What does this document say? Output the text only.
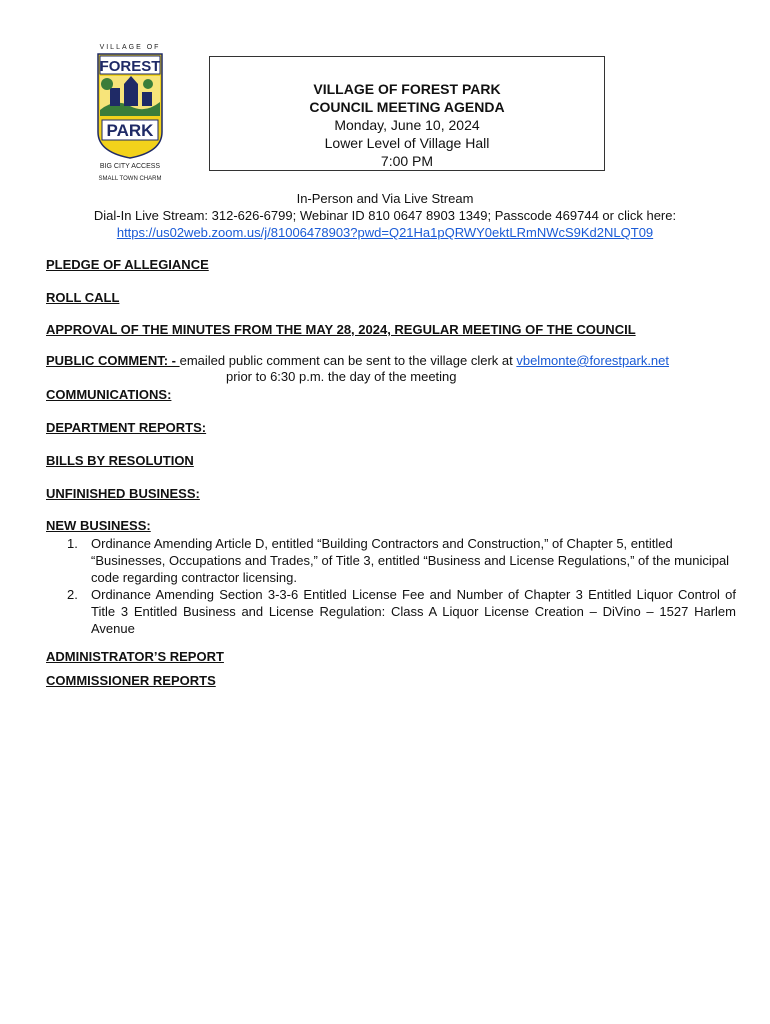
VILLAGE OF
FOREST
PARK
BIG CITY ACCESS
SMALL TOWN CHARM
VILLAGE OF FOREST PARK
COUNCIL MEETING AGENDA
Monday, June 10, 2024
Lower Level of Village Hall
7:00 PM
In-Person and Via Live Stream
Dial-In Live Stream: 312-626-6799; Webinar ID 810 0647 8903 1349; Passcode 469744 or click here:
https://us02web.zoom.us/j/81006478903?pwd=Q21Ha1pQRWY0ektLRmNWcS9Kd2NLQT09
PLEDGE OF ALLEGIANCE
ROLL CALL
APPROVAL OF THE MINUTES FROM THE MAY 28, 2024, REGULAR MEETING OF THE COUNCIL
PUBLIC COMMENT: - emailed public comment can be sent to the village clerk at vbelmonte@forestpark.net
prior to 6:30 p.m. the day of the meeting
COMMUNICATIONS:
DEPARTMENT REPORTS:
BILLS BY RESOLUTION
UNFINISHED BUSINESS:
NEW BUSINESS:
1. Ordinance Amending Article D, entitled “Building Contractors and Construction,” of Chapter 5, entitled “Businesses, Occupations and Trades,” of Title 3, entitled “Business and License Regulations,” of the municipal code regarding contractor licensing.
2. Ordinance Amending Section 3-3-6 Entitled License Fee and Number of Chapter 3 Entitled Liquor Control of Title 3 Entitled Business and License Regulation: Class A Liquor License Creation – DiVino – 1527 Harlem Avenue
ADMINISTRATOR’S REPORT
COMMISSIONER REPORTS
